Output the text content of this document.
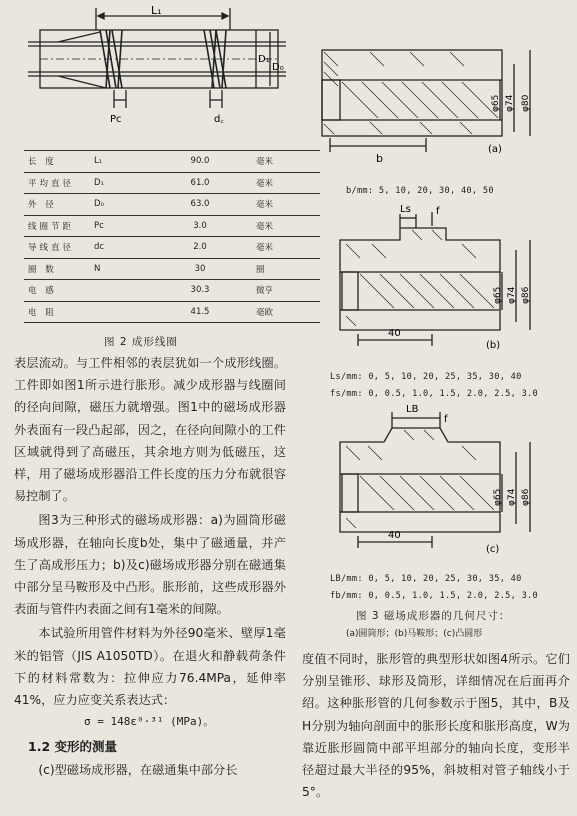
L₁
D₁
D₀
Pc	d꜀
长 度	L₁	90.0	毫米
平均直径	D₁	61.0	毫米
外 径	D₀	63.0	毫米
线圈节距	Pc	3.0	毫米
导线直径	dc	2.0	毫米
圈 数	N	30	圈
电 感		30.3	微亨
电 阻		41.5	毫欧
图 2 成形线圈

表层流动。与工件相邻的表层犹如一个成形线圈。工件即如图1所示进行胀形。减少成形器与线圈间的径向间隙，磁压力就增强。图1中的磁场成形器外表面有一段凸起部，因之，在径向间隙小的工件区域就得到了高磁压，其余地方则为低磁压，这样，用了磁场成形器沿工件长度的压力分布就很容易控制了。

图3为三种形式的磁场成形器：a)为圆筒形磁场成形器，在轴向长度b处，集中了磁通量，并产生了高成形压力；b)及c)磁场成形器分别在磁通集中部分呈马鞍形及中凸形。胀形前，这些成形器外表面与管件内表面之间有1毫米的间隙。

本试验所用管件材料为外径90毫米、壁厚1毫米的铝管（JIS A1050TD）。在退火和静载荷条件下的材料常数为：拉伸应力76.4MPa，延伸率41%，应力应变关系表达式：

σ = 148ε⁰·³¹ (MPa)。
1.2 变形的测量

(c)型磁场成形器，在磁通集中部分长

φ65 φ74 φ80
b
(a)
b/mm: 5, 10, 20, 30, 40, 50
Ls	f
φ65 φ74 φ86
40
(b)
Ls/mm: 0, 5, 10, 20, 25, 35, 30, 40
fs/mm: 0, 0.5, 1.0, 1.5, 2.0, 2.5, 3.0
LB
f
φ65 φ74 φ86
40
(c)
LB/mm: 0, 5, 10, 20, 25, 30, 35, 40
fb/mm: 0, 0.5, 1.0, 1.5, 2.0, 2.5, 3.0
图 3 磁场成形器的几何尺寸：
(a)圆筒形；(b)马鞍形；(c)凸圆形

度值不同时，胀形管的典型形状如图4所示。它们分别呈锥形、球形及筒形，详细情况在后面再介绍。这种胀形管的几何参数示于图5，其中，B及H分别为轴向剖面中的胀形长度和胀形高度，W为靠近胀形圆筒中部平坦部分的轴向长度，变形半径超过最大半径的95%，斜坡相对管子轴线小于5°。
